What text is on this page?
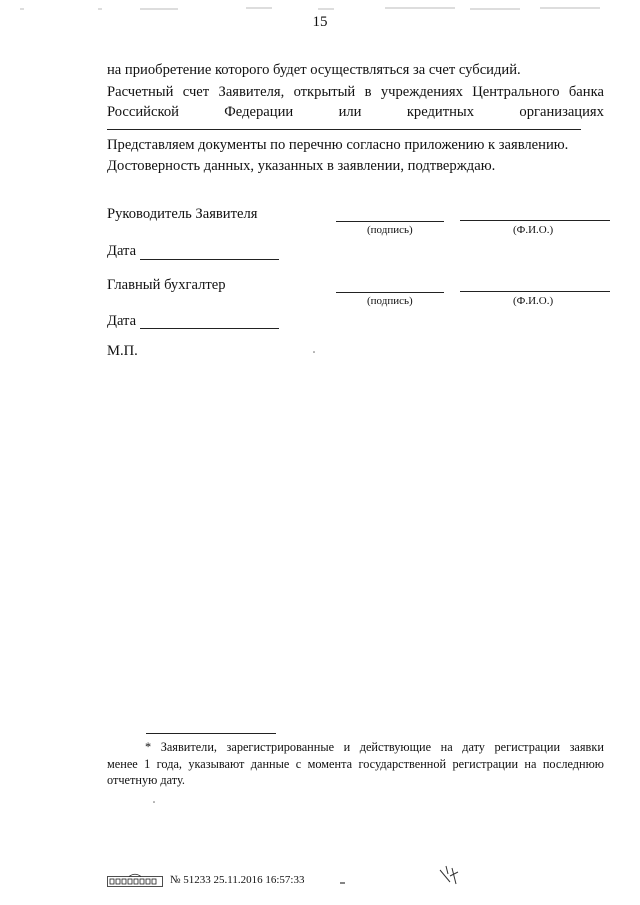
15
на приобретение которого будет осуществляться за счет субсидий.
Расчетный счет Заявителя, открытый в учреждениях Центрального банка
Российской	Федерации	или	кредитных	организациях
Представляем документы по перечню согласно приложению к заявлению.
Достоверность данных, указанных в заявлении, подтверждаю.
Руководитель Заявителя
(подпись)	(Ф.И.О.)
Дата
Главный бухгалтер
(подпись)	(Ф.И.О.)
Дата
М.П.
* Заявители, зарегистрированные и действующие на дату регистрации заявки
менее 1 года, указывают данные с момента государственной регистрации на последнюю
отчетную дату.
№ 51233 25.11.2016 16:57:33
